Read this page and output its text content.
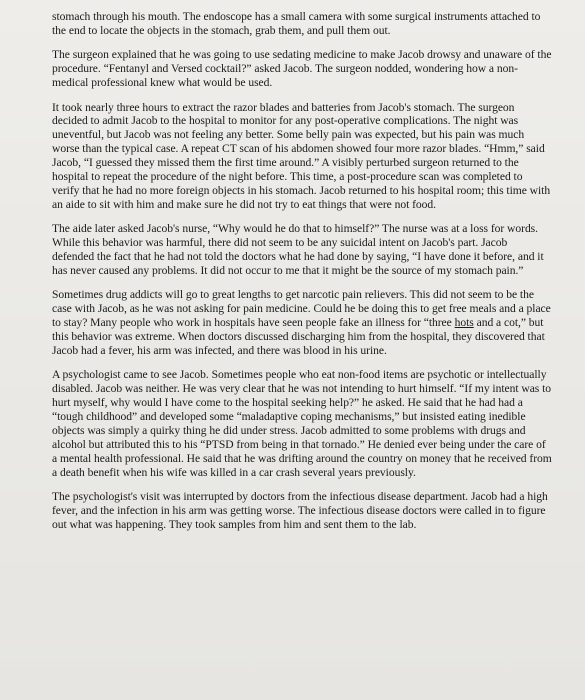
stomach through his mouth. The endoscope has a small camera with some surgical instruments attached to the end to locate the objects in the stomach, grab them, and pull them out.

The surgeon explained that he was going to use sedating medicine to make Jacob drowsy and unaware of the procedure. “Fentanyl and Versed cocktail?” asked Jacob. The surgeon nodded, wondering how a non-medical professional knew what would be used.

It took nearly three hours to extract the razor blades and batteries from Jacob's stomach. The surgeon decided to admit Jacob to the hospital to monitor for any post-operative complications. The night was uneventful, but Jacob was not feeling any better. Some belly pain was expected, but his pain was much worse than the typical case. A repeat CT scan of his abdomen showed four more razor blades. “Hmm,” said Jacob, “I guessed they missed them the first time around.” A visibly perturbed surgeon returned to the hospital to repeat the procedure of the night before. This time, a post-procedure scan was completed to verify that he had no more foreign objects in his stomach. Jacob returned to his hospital room; this time with an aide to sit with him and make sure he did not try to eat things that were not food.

The aide later asked Jacob's nurse, “Why would he do that to himself?” The nurse was at a loss for words. While this behavior was harmful, there did not seem to be any suicidal intent on Jacob's part. Jacob defended the fact that he had not told the doctors what he had done by saying, “I have done it before, and it has never caused any problems. It did not occur to me that it might be the source of my stomach pain.”

Sometimes drug addicts will go to great lengths to get narcotic pain relievers. This did not seem to be the case with Jacob, as he was not asking for pain medicine. Could he be doing this to get free meals and a place to stay? Many people who work in hospitals have seen people fake an illness for “three hots and a cot,” but this behavior was extreme. When doctors discussed discharging him from the hospital, they discovered that Jacob had a fever, his arm was infected, and there was blood in his urine.

A psychologist came to see Jacob. Sometimes people who eat non-food items are psychotic or intellectually disabled. Jacob was neither. He was very clear that he was not intending to hurt himself. “If my intent was to hurt myself, why would I have come to the hospital seeking help?” he asked. He said that he had had a “tough childhood” and developed some “maladaptive coping mechanisms,” but insisted eating inedible objects was simply a quirky thing he did under stress. Jacob admitted to some problems with drugs and alcohol but attributed this to his “PTSD from being in that tornado.” He denied ever being under the care of a mental health professional. He said that he was drifting around the country on money that he received from a death benefit when his wife was killed in a car crash several years previously.

The psychologist's visit was interrupted by doctors from the infectious disease department. Jacob had a high fever, and the infection in his arm was getting worse. The infectious disease doctors were called in to figure out what was happening. They took samples from him and sent them to the lab.
